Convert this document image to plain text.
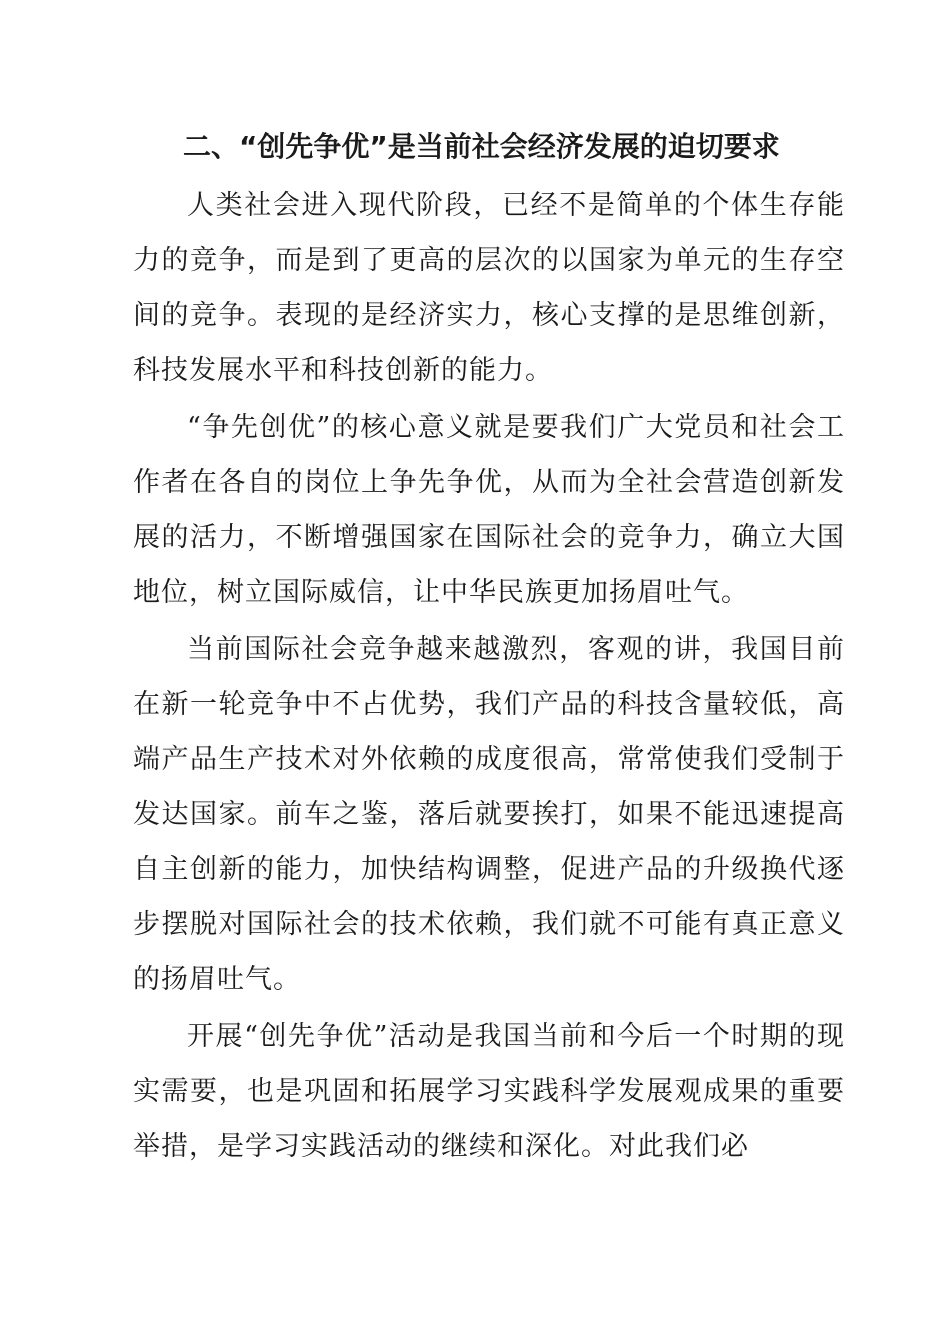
二、“创先争优”是当前社会经济发展的迫切要求

人类社会进入现代阶段，已经不是简单的个体生存能力的竞争，而是到了更高的层次的以国家为单元的生存空间的竞争。表现的是经济实力，核心支撑的是思维创新，科技发展水平和科技创新的能力。

“争先创优”的核心意义就是要我们广大党员和社会工作者在各自的岗位上争先争优，从而为全社会营造创新发展的活力，不断增强国家在国际社会的竞争力，确立大国地位，树立国际威信，让中华民族更加扬眉吐气。

当前国际社会竞争越来越激烈，客观的讲，我国目前在新一轮竞争中不占优势，我们产品的科技含量较低，高端产品生产技术对外依赖的成度很高，常常使我们受制于发达国家。前车之鉴，落后就要挨打，如果不能迅速提高自主创新的能力，加快结构调整，促进产品的升级换代逐步摆脱对国际社会的技术依赖，我们就不可能有真正意义的扬眉吐气。

开展“创先争优”活动是我国当前和今后一个时期的现实需要，也是巩固和拓展学习实践科学发展观成果的重要举措，是学习实践活动的继续和深化。对此我们必
